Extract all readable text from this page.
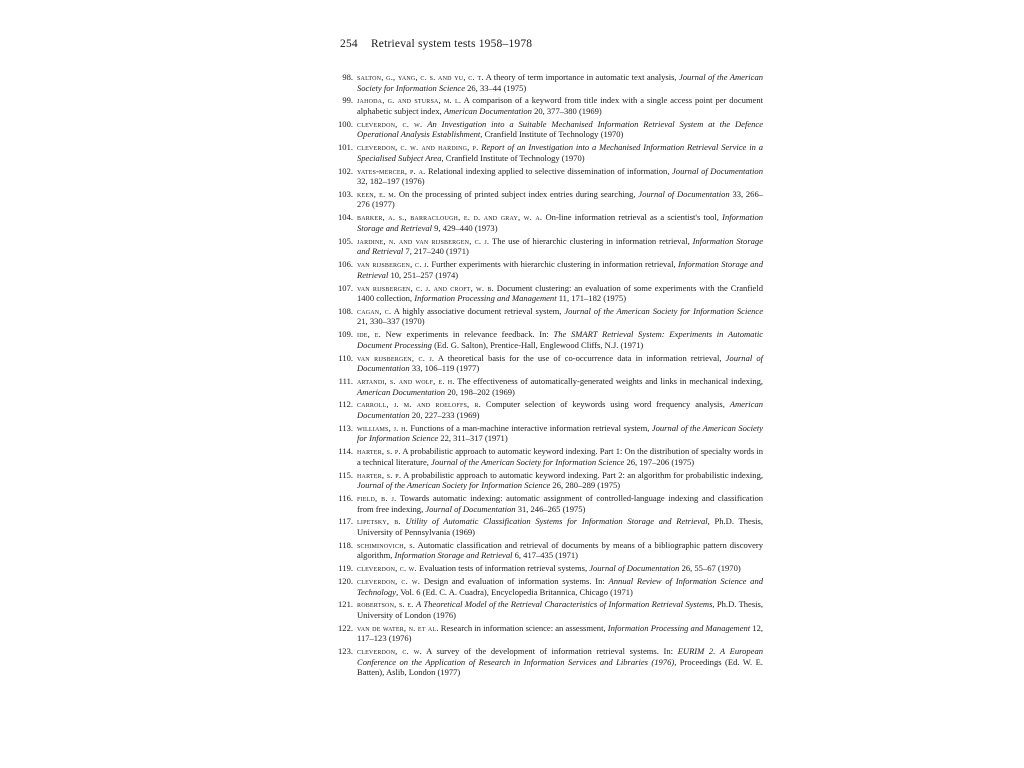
254 Retrieval system tests 1958–1978
98. salton, g., yang, c. s. and yu, c. t. A theory of term importance in automatic text analysis, Journal of the American Society for Information Science 26, 33–44 (1975)
99. jahoda, g. and stursa, m. l. A comparison of a keyword from title index with a single access point per document alphabetic subject index, American Documentation 20, 377–380 (1969)
100. cleverdon, c. w. An Investigation into a Suitable Mechanised Information Retrieval System at the Defence Operational Analysis Establishment, Cranfield Institute of Technology (1970)
101. cleverdon, c. w. and harding, p. Report of an Investigation into a Mechanised Information Retrieval Service in a Specialised Subject Area, Cranfield Institute of Technology (1970)
102. yates-mercer, p. a. Relational indexing applied to selective dissemination of information, Journal of Documentation 32, 182–197 (1976)
103. keen, e. m. On the processing of printed subject index entries during searching, Journal of Documentation 33, 266–276 (1977)
104. barker, a. s., barraclough, e. d. and gray, w. a. On-line information retrieval as a scientist's tool, Information Storage and Retrieval 9, 429–440 (1973)
105. jardine, n. and van rijsbergen, c. j. The use of hierarchic clustering in information retrieval, Information Storage and Retrieval 7, 217–240 (1971)
106. van rijsbergen, c. j. Further experiments with hierarchic clustering in information retrieval, Information Storage and Retrieval 10, 251–257 (1974)
107. van rijsbergen, c. j. and croft, w. b. Document clustering: an evaluation of some experiments with the Cranfield 1400 collection, Information Processing and Management 11, 171–182 (1975)
108. cagan, c. A highly associative document retrieval system, Journal of the American Society for Information Science 21, 330–337 (1970)
109. ide, e. New experiments in relevance feedback. In: The SMART Retrieval System: Experiments in Automatic Document Processing (Ed. G. Salton), Prentice-Hall, Englewood Cliffs, N.J. (1971)
110. van rijsbergen, c. j. A theoretical basis for the use of co-occurrence data in information retrieval, Journal of Documentation 33, 106–119 (1977)
111. artandi, s. and wolf, e. h. The effectiveness of automatically-generated weights and links in mechanical indexing, American Documentation 20, 198–202 (1969)
112. carroll, j. m. and roeloffs, r. Computer selection of keywords using word frequency analysis, American Documentation 20, 227–233 (1969)
113. williams, j. h. Functions of a man-machine interactive information retrieval system, Journal of the American Society for Information Science 22, 311–317 (1971)
114. harter, s. p. A probabilistic approach to automatic keyword indexing. Part 1: On the distribution of specialty words in a technical literature, Journal of the American Society for Information Science 26, 197–206 (1975)
115. harter, s. p. A probabilistic approach to automatic keyword indexing. Part 2: an algorithm for probabilistic indexing, Journal of the American Society for Information Science 26, 280–289 (1975)
116. field, b. j. Towards automatic indexing: automatic assignment of controlled-language indexing and classification from free indexing, Journal of Documentation 31, 246–265 (1975)
117. lipetsky, b. Utility of Automatic Classification Systems for Information Storage and Retrieval, Ph.D. Thesis, University of Pennsylvania (1969)
118. schiminovich, s. Automatic classification and retrieval of documents by means of a bibliographic pattern discovery algorithm, Information Storage and Retrieval 6, 417–435 (1971)
119. cleverdon, c. w. Evaluation tests of information retrieval systems, Journal of Documentation 26, 55–67 (1970)
120. cleverdon, c. w. Design and evaluation of information systems. In: Annual Review of Information Science and Technology, Vol. 6 (Ed. C. A. Cuadra), Encyclopedia Britannica, Chicago (1971)
121. robertson, s. e. A Theoretical Model of the Retrieval Characteristics of Information Retrieval Systems, Ph.D. Thesis, University of London (1976)
122. van de water, n. et al. Research in information science: an assessment, Information Processing and Management 12, 117–123 (1976)
123. cleverdon, c. w. A survey of the development of information retrieval systems. In: EURIM 2. A European Conference on the Application of Research in Information Services and Libraries (1976), Proceedings (Ed. W. E. Batten), Aslib, London (1977)
